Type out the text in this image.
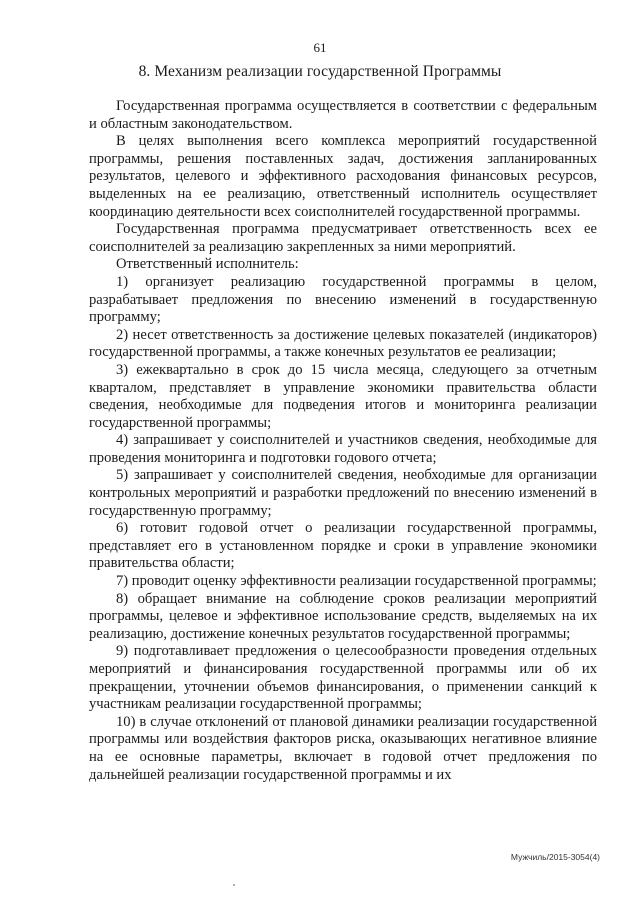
61
8. Механизм реализации государственной Программы

Государственная программа осуществляется в соответствии с федеральным и областным законодательством.

В целях выполнения всего комплекса мероприятий государственной программы, решения поставленных задач, достижения запланированных результатов, целевого и эффективного расходования финансовых ресурсов, выделенных на ее реализацию, ответственный исполнитель осуществляет координацию деятельности всех соисполнителей государственной программы.

Государственная программа предусматривает ответственность всех ее соисполнителей за реализацию закрепленных за ними мероприятий.

Ответственный исполнитель:

1) организует реализацию государственной программы в целом, разрабатывает предложения по внесению изменений в государственную программу;

2) несет ответственность за достижение целевых показателей (индикаторов) государственной программы, а также конечных результатов ее реализации;

3) ежеквартально в срок до 15 числа месяца, следующего за отчетным кварталом, представляет в управление экономики правительства области сведения, необходимые для подведения итогов и мониторинга реализации государственной программы;

4) запрашивает у соисполнителей и участников сведения, необходимые для проведения мониторинга и подготовки годового отчета;

5) запрашивает у соисполнителей сведения, необходимые для организации контрольных мероприятий и разработки предложений по внесению изменений в государственную программу;

6) готовит годовой отчет о реализации государственной программы, представляет его в установленном порядке и сроки в управление экономики правительства области;

7) проводит оценку эффективности реализации государственной программы;

8) обращает внимание на соблюдение сроков реализации мероприятий программы, целевое и эффективное использование средств, выделяемых на их реализацию, достижение конечных результатов государственной программы;

9) подготавливает предложения о целесообразности проведения отдельных мероприятий и финансирования государственной программы или об их прекращении, уточнении объемов финансирования, о применении санкций к участникам реализации государственной программы;

10) в случае отклонений от плановой динамики реализации государственной программы или воздействия факторов риска, оказывающих негативное влияние на ее основные параметры, включает в годовой отчет предложения по дальнейшей реализации государственной программы и их

Мужчиль/2015-3054(4)
